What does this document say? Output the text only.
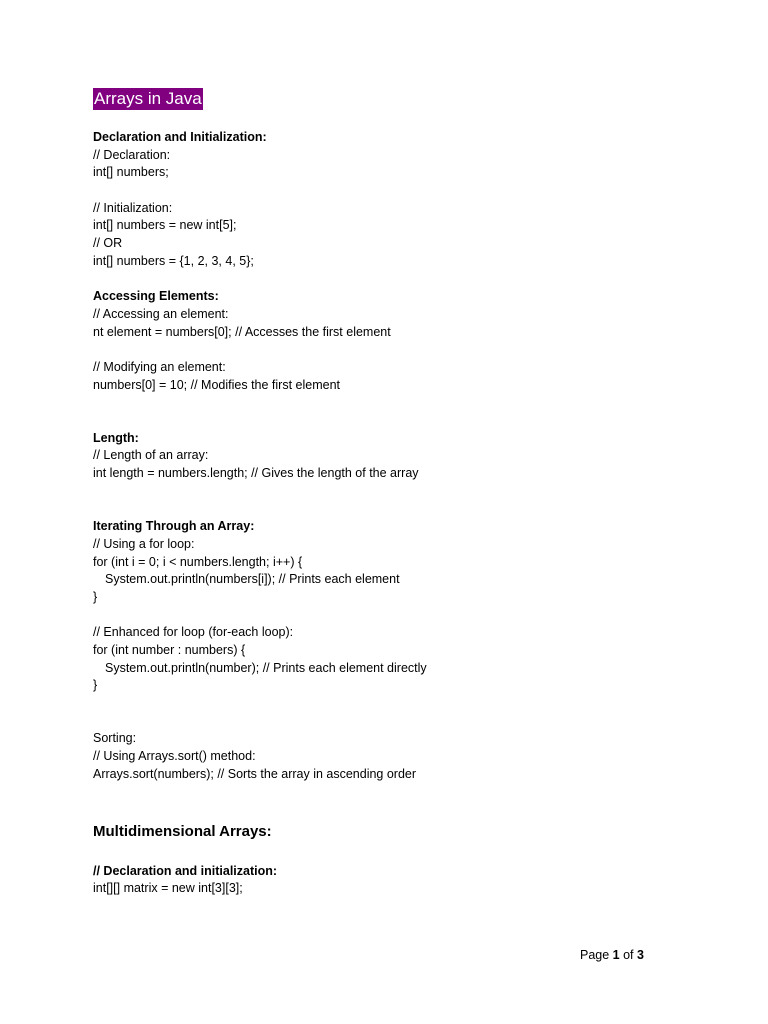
Arrays in Java
Declaration and Initialization:
// Declaration:
int[] numbers;
// Initialization:
int[] numbers = new int[5];
// OR
int[] numbers = {1, 2, 3, 4, 5};
Accessing Elements:
// Accessing an element:
nt element = numbers[0]; // Accesses the first element
// Modifying an element:
numbers[0] = 10; // Modifies the first element
Length:
// Length of an array:
int length = numbers.length; // Gives the length of the array
Iterating Through an Array:
// Using a for loop:
for (int i = 0; i < numbers.length; i++) {
System.out.println(numbers[i]); // Prints each element
}
// Enhanced for loop (for-each loop):
for (int number : numbers) {
System.out.println(number); // Prints each element directly
}
Sorting:
// Using Arrays.sort() method:
Arrays.sort(numbers); // Sorts the array in ascending order
Multidimensional Arrays:
// Declaration and initialization:
int[][] matrix = new int[3][3];
Page 1 of 3
